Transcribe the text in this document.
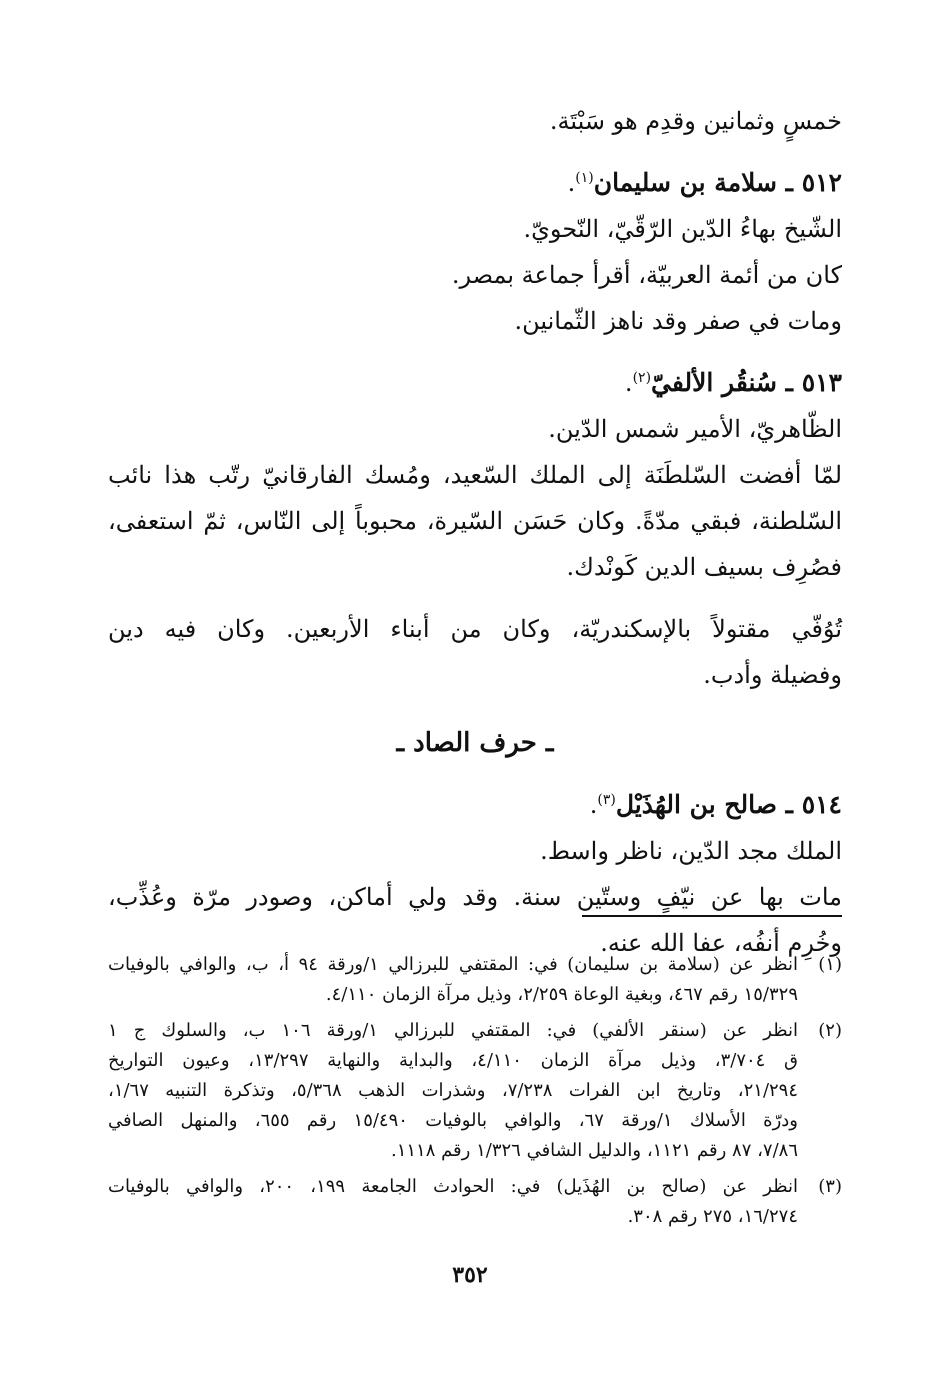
خمسٍ وثمانين وقدِم هو سَبْتَة.
٥١٢ ـ سلامة بن سليمان$^{(١)}$.
الشّيخ بهاءُ الدّين الرّقّيّ، النّحويّ.
كان من أئمة العربيّة، أقرأ جماعة بمصر.
ومات في صفر وقد ناهز الثّمانين.
٥١٣ ـ سُنقُر الألفيّ$^{(٢)}$.
الظّاهريّ، الأمير شمس الدّين.
لمّا أفضت السّلطَنَة إلى الملك السّعيد، ومُسك الفارقانيّ رتّب هذا نائب
السّلطنة، فبقي مدّةً. وكان حَسَن السّيرة، محبوباً إلى النّاس، ثمّ استعفى،
فصُرِف بسيف الدين كَونْدك.
تُوُفّي مقتولاً بالإسكندريّة، وكان من أبناء الأربعين. وكان فيه دين
وفضيلة وأدب.
ـ حرف الصاد ـ
٥١٤ ـ صالح بن الهُذَيْل$^{(٣)}$.
الملك مجد الدّين، ناظر واسط.
مات بها عن نيّفٍ وستّين سنة. وقد ولي أماكن، وصودر مرّة وعُذِّب،
وخُرِم أنفُه، عفا الله عنه.
(١)
انظر عن (سلامة بن سليمان) في: المقتفي للبرزالي ١/ورقة ٩٤ أ، ب، والوافي بالوفيات
١٥/٣٢٩ رقم ٤٦٧، وبغية الوعاة ٢/٢٥٩، وذيل مرآة الزمان ٤/١١٠.
(٢)
انظر عن (سنقر الألفي) في: المقتفي للبرزالي ١/ورقة ١٠٦ ب، والسلوك ج ١
ق ٣/٧٠٤، وذيل مرآة الزمان ٤/١١٠، والبداية والنهاية ١٣/٢٩٧، وعيون التواريخ
٢١/٢٩٤، وتاريخ ابن الفرات ٧/٢٣٨، وشذرات الذهب ٥/٣٦٨، وتذكرة التنبيه ١/٦٧،
ودرّة الأسلاك ١/ورقة ٦٧، والوافي بالوفيات ١٥/٤٩٠ رقم ٦٥٥، والمنهل الصافي
٧/٨٦، ٨٧ رقم ١١٢١، والدليل الشافي ١/٣٢٦ رقم ١١١٨.
(٣)
انظر عن (صالح بن الهُذَيل) في: الحوادث الجامعة ١٩٩، ٢٠٠، والوافي بالوفيات
١٦/٢٧٤، ٢٧٥ رقم ٣٠٨.
٣٥٢
